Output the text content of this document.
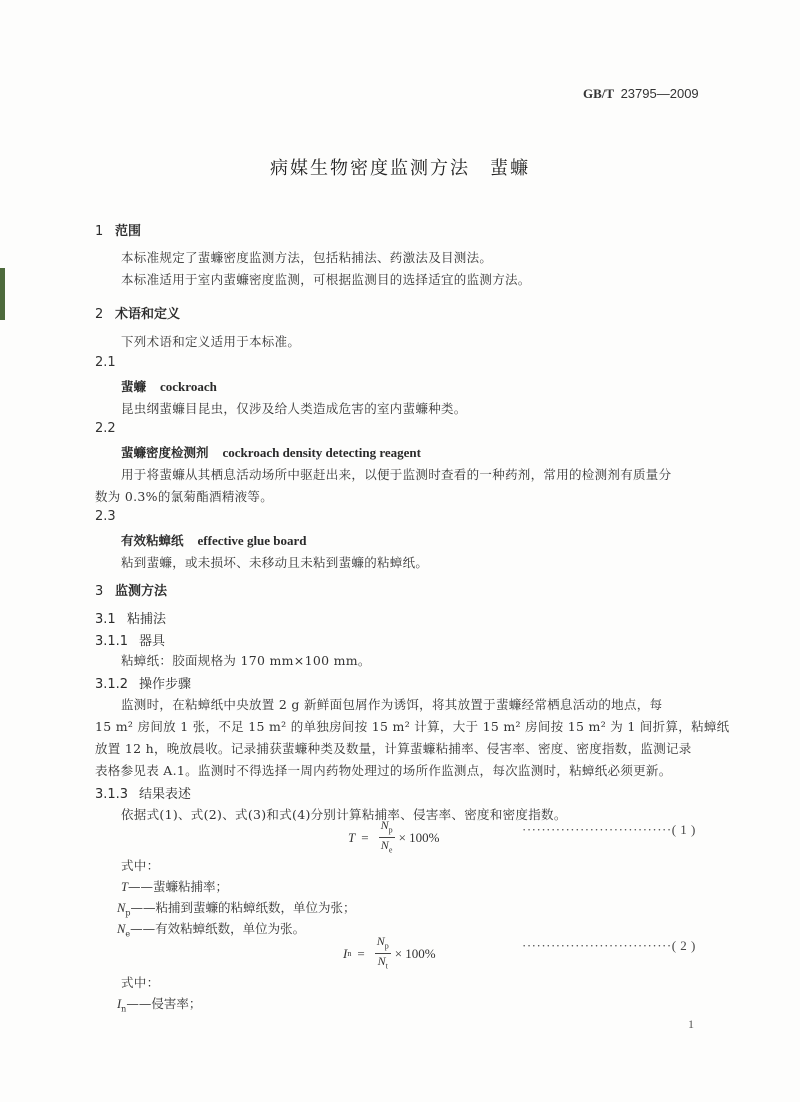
GB/T 23795—2009
病媒生物密度监测方法　蜚蠊
1 范围
本标准规定了蜚蠊密度监测方法，包括粘捕法、药激法及目测法。
本标准适用于室内蜚蠊密度监测，可根据监测目的选择适宜的监测方法。
2 术语和定义
下列术语和定义适用于本标准。
2.1
蜚蠊 cockroach
昆虫纲蜚蠊目昆虫，仅涉及给人类造成危害的室内蜚蠊种类。
2.2
蜚蠊密度检测剂 cockroach density detecting reagent
用于将蜚蠊从其栖息活动场所中驱赶出来，以便于监测时查看的一种药剂，常用的检测剂有质量分
数为 0.3%的氯菊酯酒精液等。
2.3
有效粘蟑纸 effective glue board
粘到蜚蠊，或未损坏、未移动且未粘到蜚蠊的粘蟑纸。
3 监测方法
3.1 粘捕法
3.1.1 器具
粘蟑纸：胶面规格为 170 mm×100 mm。
3.1.2 操作步骤
监测时，在粘蟑纸中央放置 2 g 新鲜面包屑作为诱饵，将其放置于蜚蠊经常栖息活动的地点，每
15 m² 房间放 1 张，不足 15 m² 的单独房间按 15 m² 计算，大于 15 m² 房间按 15 m² 为 1 间折算，粘蟑纸
放置 12 h，晚放晨收。记录捕获蜚蠊种类及数量，计算蜚蠊粘捕率、侵害率、密度、密度指数，监测记录
表格参见表 A.1。监测时不得选择一周内药物处理过的场所作监测点，每次监测时，粘蟑纸必须更新。
3.1.3 结果表述
依据式(1)、式(2)、式(3)和式(4)分别计算粘捕率、侵害率、密度和密度指数。
$T = \frac{N_p}{N_e} \times 100\%$
·······························( 1 )
式中：
T——蜚蠊粘捕率；
$N_p——$粘捕到蜚蠊的粘蟑纸数，单位为张；
$N_e——$有效粘蟑纸数，单位为张。
I $n = \frac{N_p}{N_t} \times 100\%$
·······························( 2 )
式中：
$I_n——$侵害率；
1
